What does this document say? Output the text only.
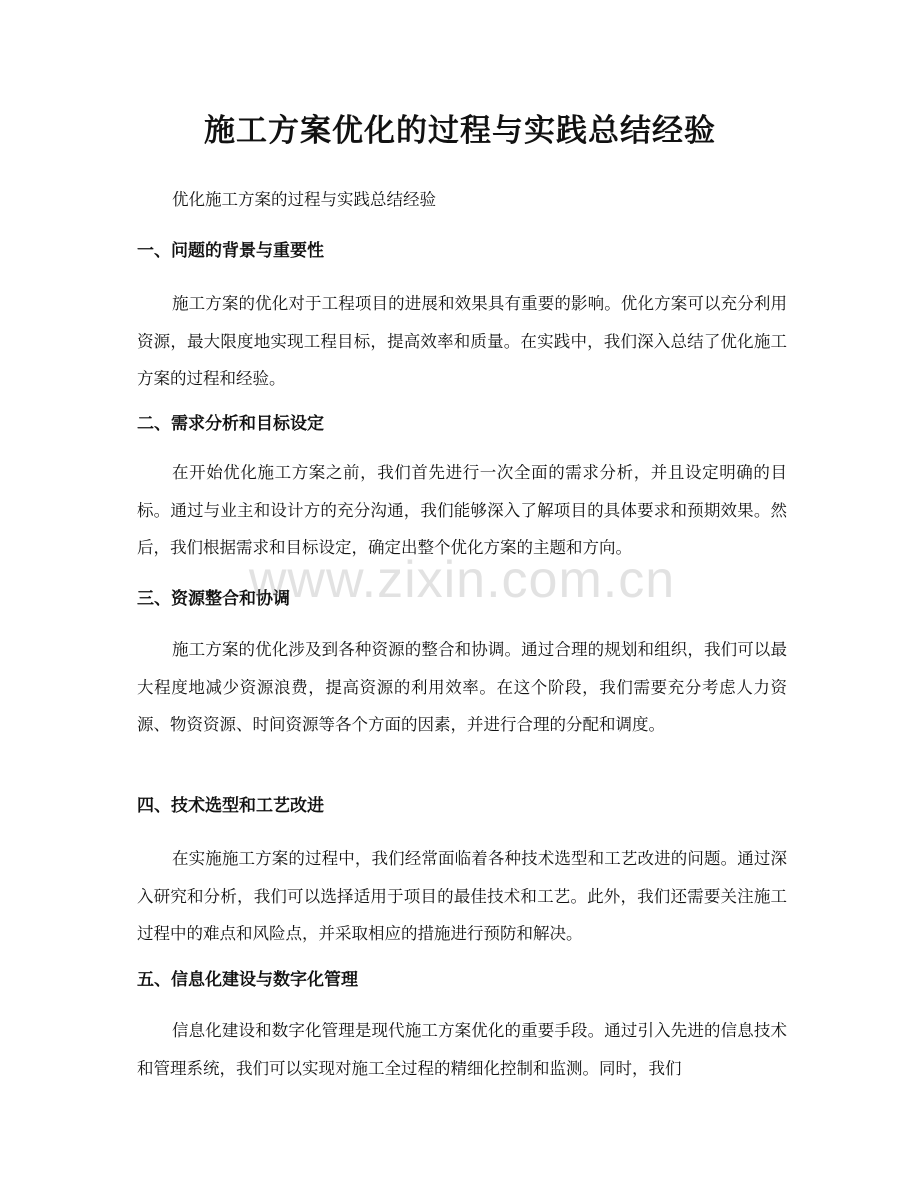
施工方案优化的过程与实践总结经验

优化施工方案的过程与实践总结经验

一、问题的背景与重要性

施工方案的优化对于工程项目的进展和效果具有重要的影响。优化方案可以充分利用资源，最大限度地实现工程目标，提高效率和质量。在实践中，我们深入总结了优化施工方案的过程和经验。

二、需求分析和目标设定

在开始优化施工方案之前，我们首先进行一次全面的需求分析，并且设定明确的目标。通过与业主和设计方的充分沟通，我们能够深入了解项目的具体要求和预期效果。然后，我们根据需求和目标设定，确定出整个优化方案的主题和方向。

三、资源整合和协调

施工方案的优化涉及到各种资源的整合和协调。通过合理的规划和组织，我们可以最大程度地减少资源浪费，提高资源的利用效率。在这个阶段，我们需要充分考虑人力资源、物资资源、时间资源等各个方面的因素，并进行合理的分配和调度。

四、技术选型和工艺改进

在实施施工方案的过程中，我们经常面临着各种技术选型和工艺改进的问题。通过深入研究和分析，我们可以选择适用于项目的最佳技术和工艺。此外，我们还需要关注施工过程中的难点和风险点，并采取相应的措施进行预防和解决。

五、信息化建设与数字化管理

信息化建设和数字化管理是现代施工方案优化的重要手段。通过引入先进的信息技术和管理系统，我们可以实现对施工全过程的精细化控制和监测。同时，我们

www.zixin.com.cn
